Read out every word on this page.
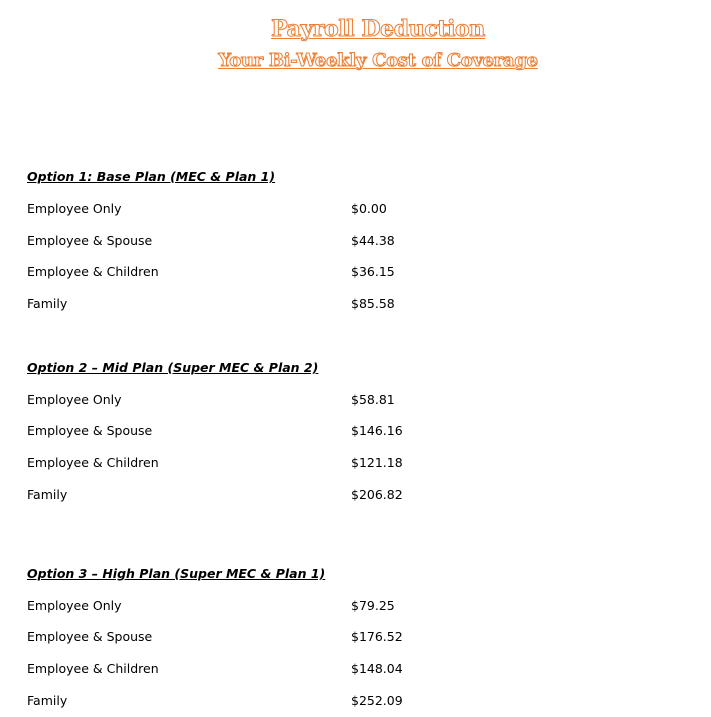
Payroll Deduction
Your Bi-Weekly Cost of Coverage
Option 1: Base Plan (MEC & Plan 1)
Employee Only	$0.00
Employee & Spouse	$44.38
Employee & Children	$36.15
Family	$85.58
Option 2 – Mid Plan (Super MEC & Plan 2)
Employee Only	$58.81
Employee & Spouse	$146.16
Employee & Children	$121.18
Family	$206.82
Option 3 – High Plan (Super MEC & Plan 1)
Employee Only	$79.25
Employee & Spouse	$176.52
Employee & Children	$148.04
Family	$252.09
